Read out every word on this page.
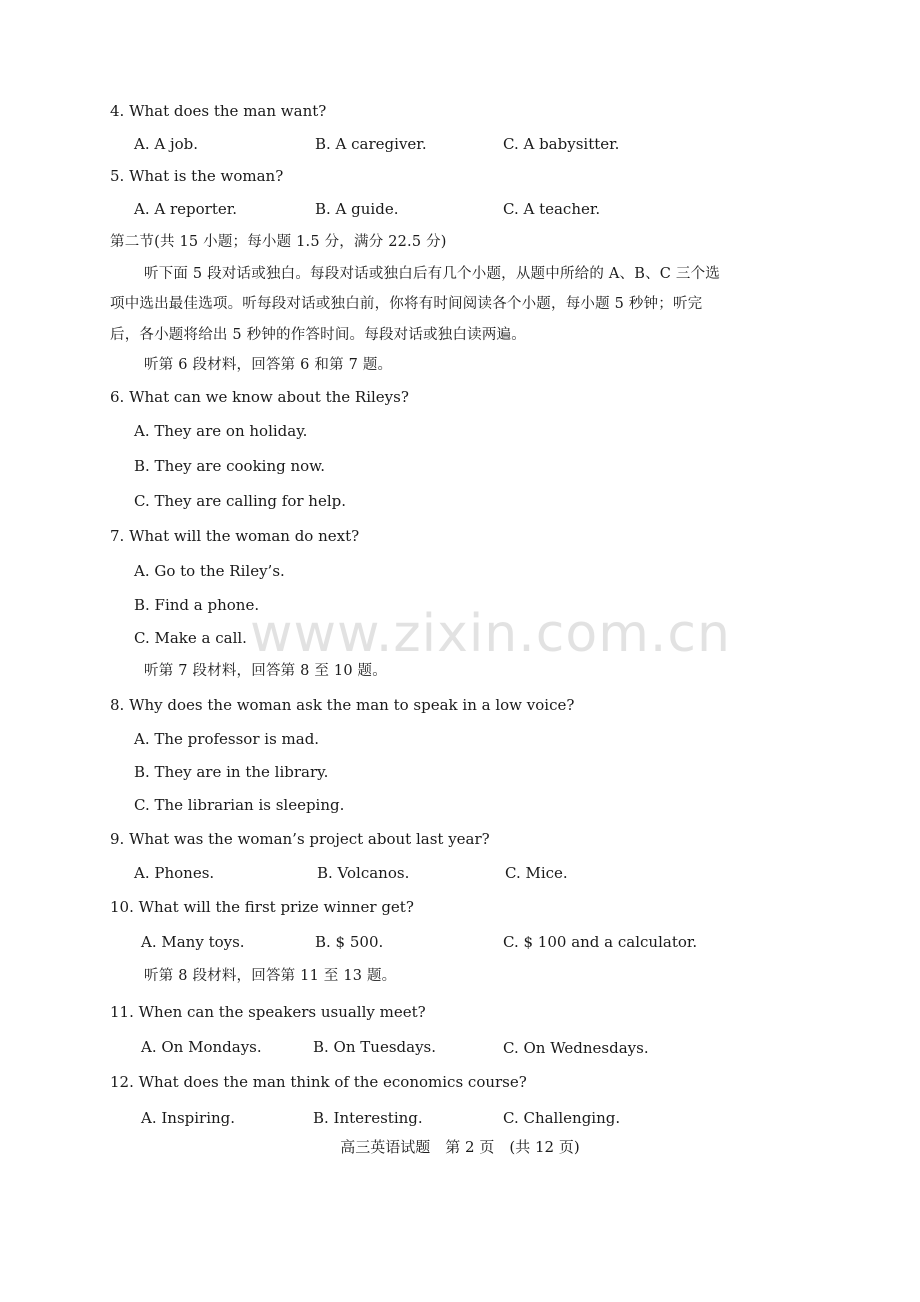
4. What does the man want?
A. A job.	B. A caregiver.	C. A babysitter.
5. What is the woman?
A. A reporter.	B. A guide.	C. A teacher.
第二节(共 15 小题；每小题 1.5 分，满分 22.5 分)
听下面 5 段对话或独白。每段对话或独白后有几个小题，从题中所给的 A、B、C 三个选
项中选出最佳选项。听每段对话或独白前，你将有时间阅读各个小题，每小题 5 秒钟；听完
后，各小题将给出 5 秒钟的作答时间。每段对话或独白读两遍。
听第 6 段材料，回答第 6 和第 7 题。
6. What can we know about the Rileys?
A. They are on holiday.
B. They are cooking now.
C. They are calling for help.
7. What will the woman do next?
A. Go to the Riley’s.
B. Find a phone.
C. Make a call.
听第 7 段材料，回答第 8 至 10 题。
8. Why does the woman ask the man to speak in a low voice?
A. The professor is mad.
B. They are in the library.
C. The librarian is sleeping.
9. What was the woman’s project about last year?
A. Phones.	B. Volcanos.	C. Mice.
10. What will the first prize winner get?
A. Many toys.	B. $ 500.	C. $ 100 and a calculator.
听第 8 段材料，回答第 11 至 13 题。
11. When can the speakers usually meet?
A. On Mondays.	B. On Tuesdays.	C. On Wednesdays.
12. What does the man think of the economics course?
A. Inspiring.	B. Interesting.	C. Challenging.
www.zixin.com.cn
高三英语试题　第 2 页　(共 12 页)
